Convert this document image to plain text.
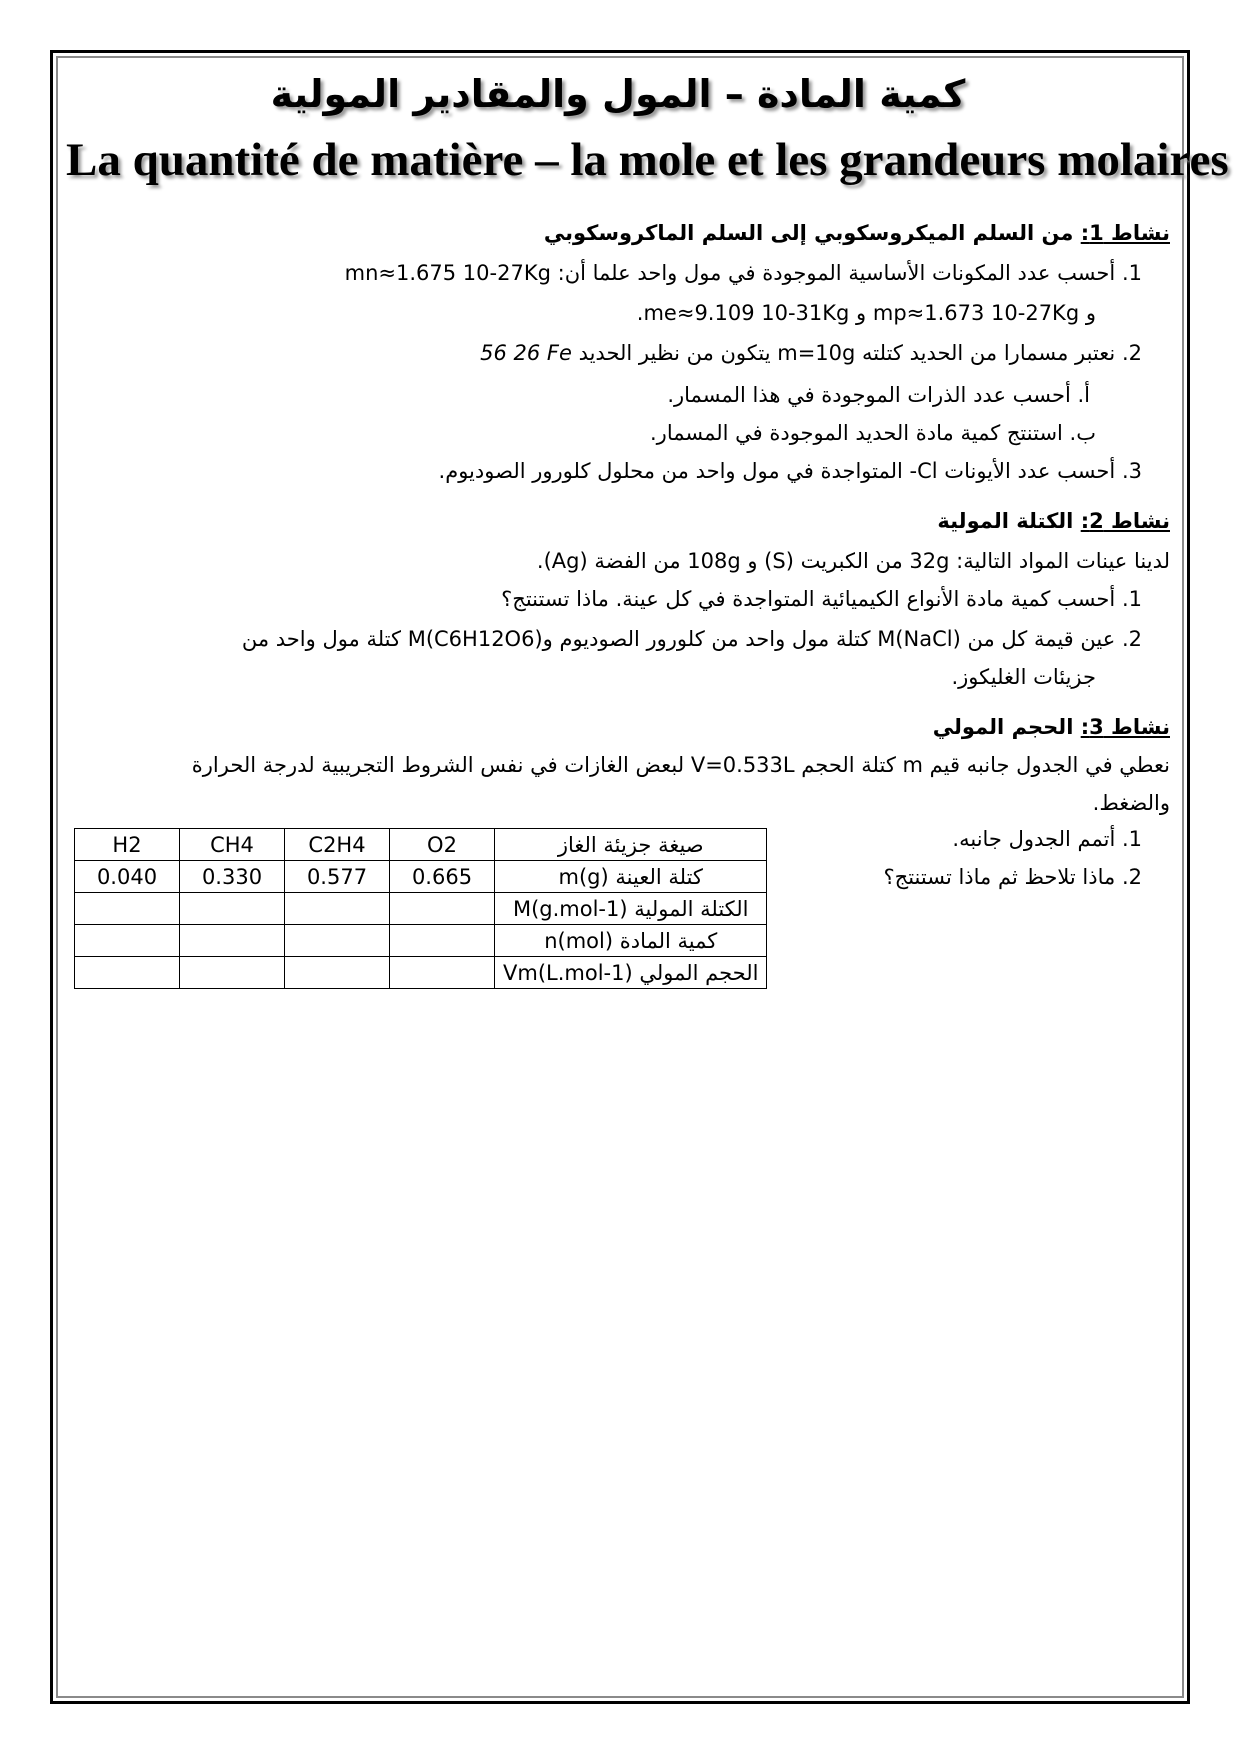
كمية المادة – المول والمقادير المولية
La quantité de matière – la mole et les grandeurs molaires
نشاط 1: من السلم الميكروسكوبي إلى السلم الماكروسكوبي
1. أحسب عدد المكونات الأساسية الموجودة في مول واحد علما أن: mn≈1.675 10-27Kg
و mp≈1.673 10-27Kg و me≈9.109 10-31Kg.
2. نعتبر مسمارا من الحديد كتلته m=10g يتكون من نظير الحديد 56 26 Fe
أ. أحسب عدد الذرات الموجودة في هذا المسمار.
ب. استنتج كمية مادة الحديد الموجودة في المسمار.
3. أحسب عدد الأيونات Cl- المتواجدة في مول واحد من محلول كلورور الصوديوم.
نشاط 2: الكتلة المولية
لدينا عينات المواد التالية: 32g من الكبريت (S) و 108g من الفضة (Ag).
1. أحسب كمية مادة الأنواع الكيميائية المتواجدة في كل عينة. ماذا تستنتج؟
2. عين قيمة كل من M(NaCl) كتلة مول واحد من كلورور الصوديوم وM(C6H12O6) كتلة مول واحد من
جزيئات الغليكوز.
نشاط 3: الحجم المولي
نعطي في الجدول جانبه قيم m كتلة الحجم V=0.533L لبعض الغازات في نفس الشروط التجريبية لدرجة الحرارة
والضغط.
1. أتمم الجدول جانبه.
2. ماذا تلاحظ ثم ماذا تستنتج؟
صيغة جزيئة الغاز	O2	C2H4	CH4	H2
كتلة العينة m(g)	0.665	0.577	0.330	0.040
الكتلة المولية M(g.mol-1)				
كمية المادة n(mol)				
الحجم المولي Vm(L.mol-1)				
